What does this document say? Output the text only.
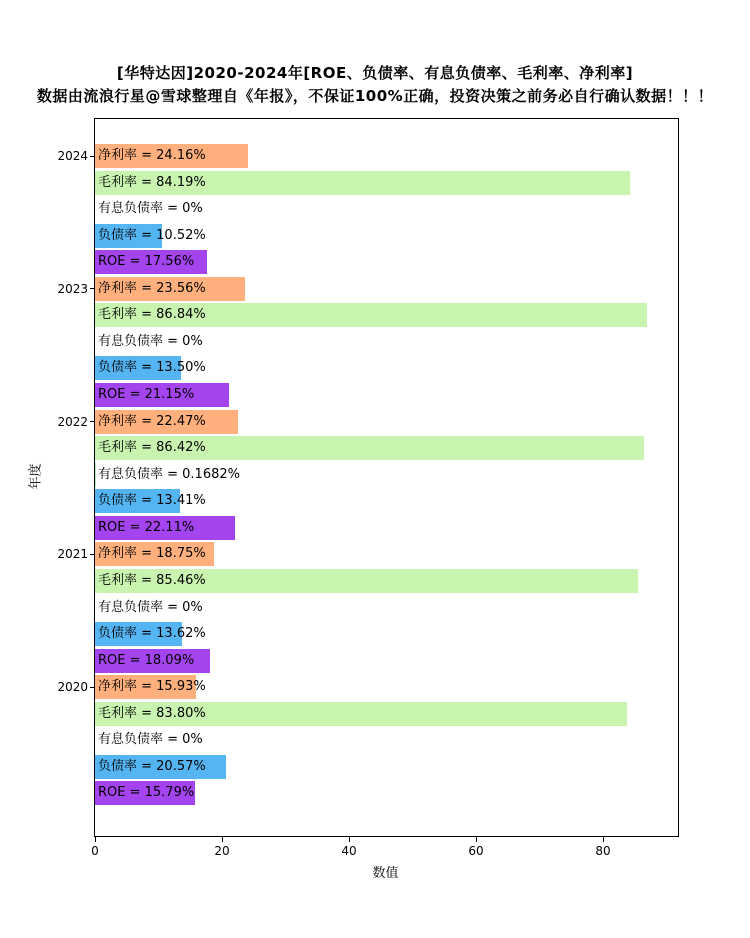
[华特达因]2020-2024年[ROE、负债率、有息负债率、毛利率、净利率]
数据由流浪行星@雪球整理自《年报》，不保证100%正确，投资决策之前务必自行确认数据！！！
年度
净利率 = 24.16%
毛利率 = 84.19%
有息负债率 = 0%
负债率 = 10.52%
ROE = 17.56%
2024
净利率 = 23.56%
毛利率 = 86.84%
有息负债率 = 0%
负债率 = 13.50%
ROE = 21.15%
2023
净利率 = 22.47%
毛利率 = 86.42%
有息负债率 = 0.1682%
负债率 = 13.41%
ROE = 22.11%
2022
净利率 = 18.75%
毛利率 = 85.46%
有息负债率 = 0%
负债率 = 13.62%
ROE = 18.09%
2021
净利率 = 15.93%
毛利率 = 83.80%
有息负债率 = 0%
负债率 = 20.57%
ROE = 15.79%
2020
0	20	40	60	80
数值
